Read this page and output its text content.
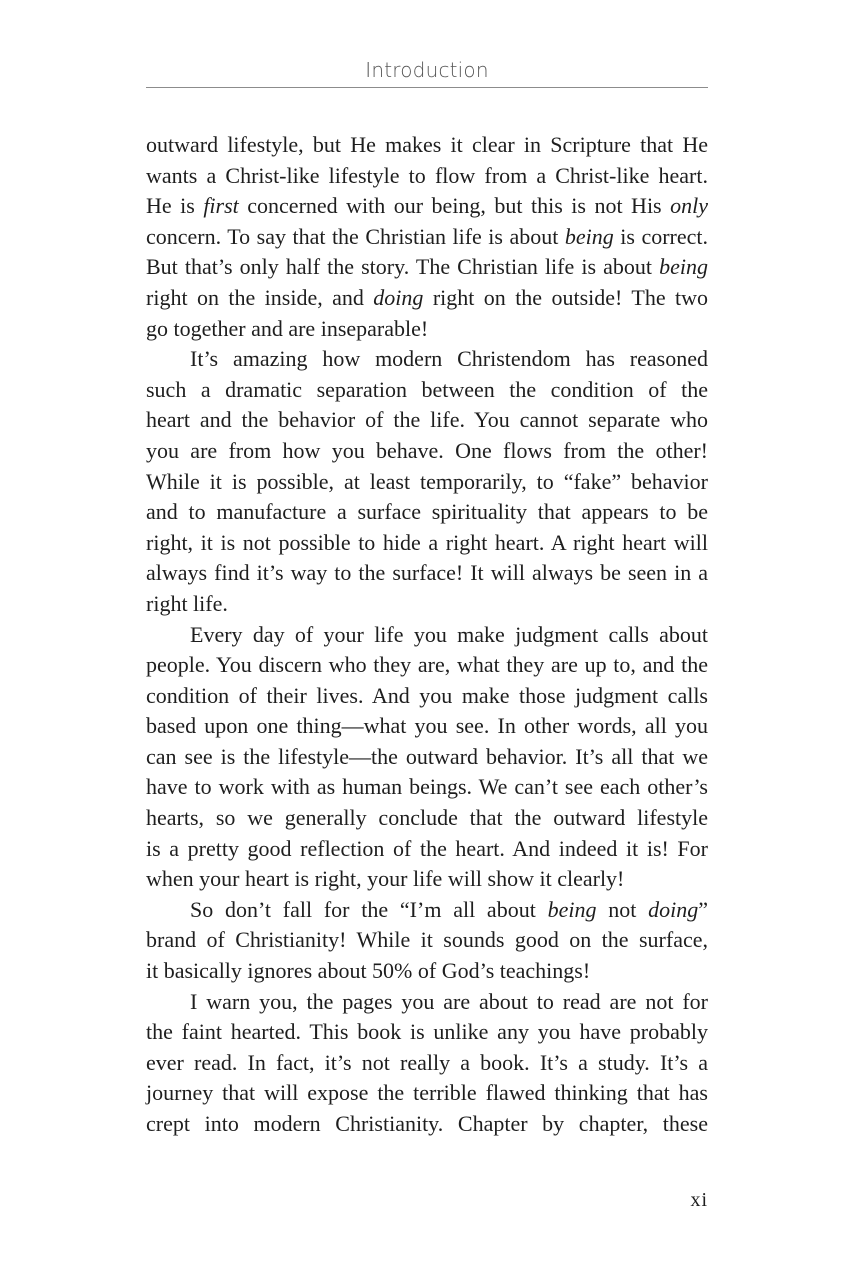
Introduction
outward lifestyle, but He makes it clear in Scripture that He
wants a Christ-like lifestyle to flow from a Christ-like heart.
He is first concerned with our being, but this is not His only
concern. To say that the Christian life is about being is correct.
But that’s only half the story. The Christian life is about being
right on the inside, and doing right on the outside! The two
go together and are inseparable!
It’s amazing how modern Christendom has reasoned
such a dramatic separation between the condition of the
heart and the behavior of the life. You cannot separate who
you are from how you behave. One flows from the other!
While it is possible, at least temporarily, to “fake” behavior
and to manufacture a surface spirituality that appears to be
right, it is not possible to hide a right heart. A right heart will
always find it’s way to the surface! It will always be seen in a
right life.
Every day of your life you make judgment calls about
people. You discern who they are, what they are up to, and the
condition of their lives. And you make those judgment calls
based upon one thing—what you see. In other words, all you
can see is the lifestyle—the outward behavior. It’s all that we
have to work with as human beings. We can’t see each other’s
hearts, so we generally conclude that the outward lifestyle
is a pretty good reflection of the heart. And indeed it is! For
when your heart is right, your life will show it clearly!
So don’t fall for the “I’m all about being not doing”
brand of Christianity! While it sounds good on the surface,
it basically ignores about 50% of God’s teachings!
I warn you, the pages you are about to read are not for
the faint hearted. This book is unlike any you have probably
ever read. In fact, it’s not really a book. It’s a study. It’s a
journey that will expose the terrible flawed thinking that has
crept into modern Christianity. Chapter by chapter, these
xi
